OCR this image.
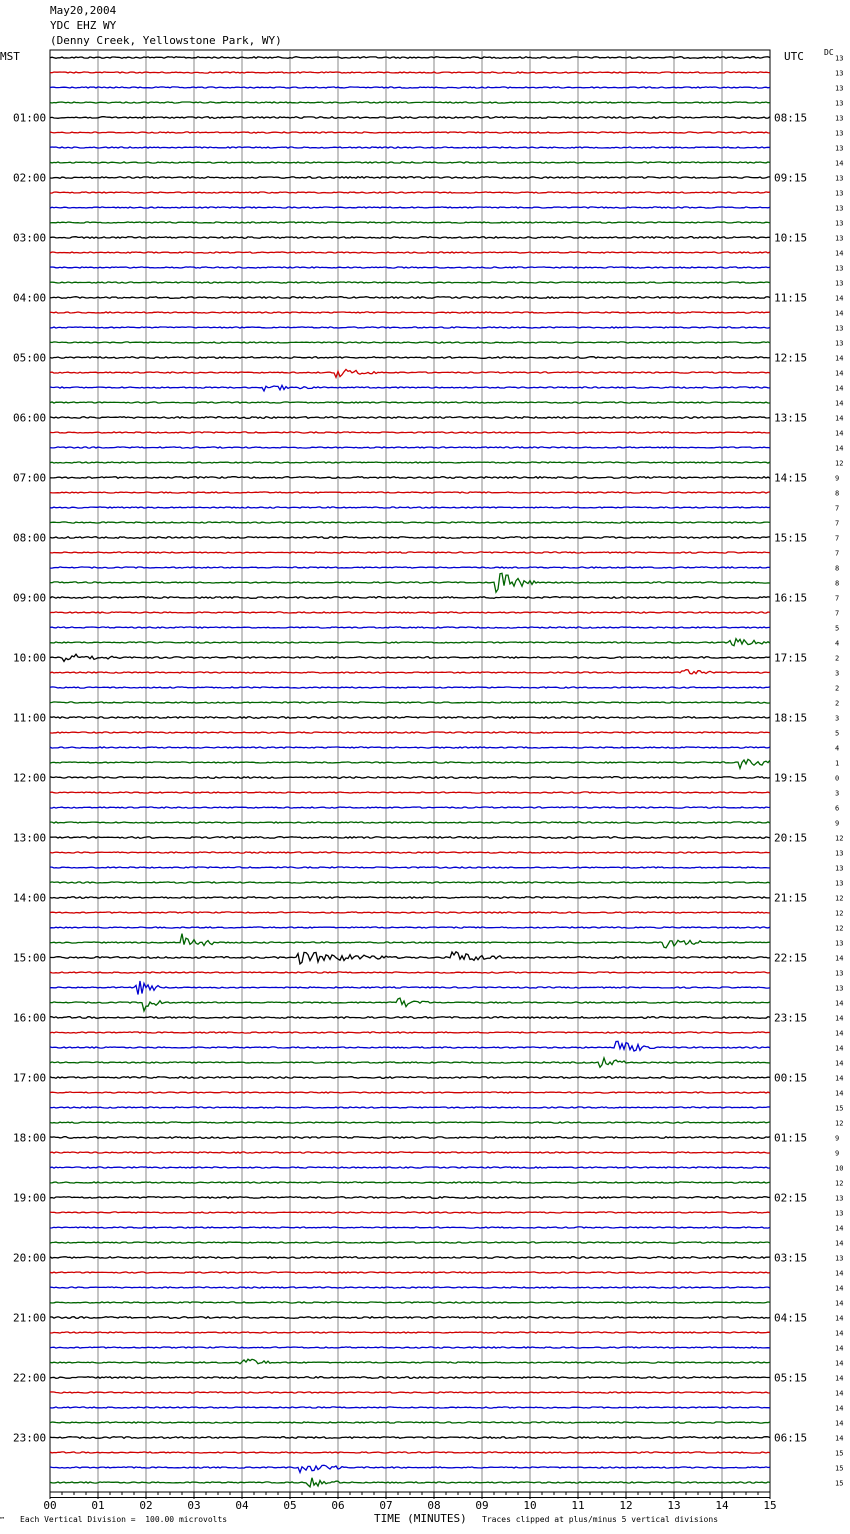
May20,2004
YDC EHZ WY
(Denny Creek, Yellowstone Park, WY)
MST	UTC	DC
13
13
13
13
13
13
13
14
13
13
13
13
13
14
13
13
14
14
13
13
14
14
14
14
14
14
14
12
9
8
7
7
7
7
8
8
7
7
5
4
2
3
2
2
3
5
4
1
0
3
6
9
12
13
13
13
12
12
12
13
14
13
13
14
14
14
14
14
14
14
15
12
9
9
10
12
13
13
14
14
13
14
14
14
14
14
14
14
14
14
14
14
14
15
15
15
01:00
02:00
03:00
04:00
05:00
06:00
07:00
08:00
09:00
10:00
11:00
12:00
13:00
14:00
15:00
16:00
17:00
18:00
19:00
20:00
21:00
22:00
23:00
08:15
09:15
10:15
11:15
12:15
13:15
14:15
15:15
16:15
17:15
18:15
19:15
20:15
21:15
22:15
23:15
00:15
01:15
02:15
03:15
04:15
05:15
06:15
00	01	02	03	04	05	06	07	08	09	10	11	12	13	14	15
™ Each Vertical Division =  100.00 microvolts	TIME (MINUTES) Traces clipped at plus/minus 5 vertical divisions
